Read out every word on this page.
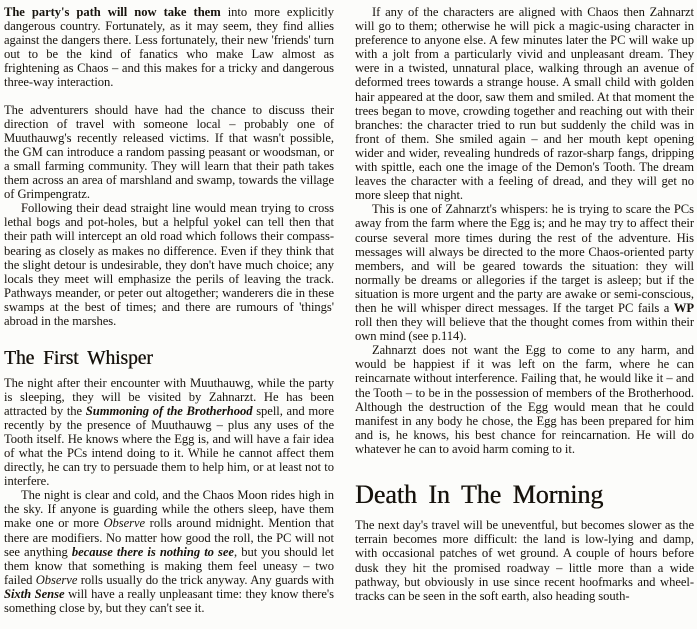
The party's path will now take them into more explicitly dangerous country. Fortunately, as it may seem, they find allies against the dangers there. Less fortunately, their new 'friends' turn out to be the kind of fanatics who make Law almost as frightening as Chaos – and this makes for a tricky and dangerous three-way interaction.

The adventurers should have had the chance to discuss their direction of travel with someone local – probably one of Muuthauwg's recently released victims. If that wasn't possible, the GM can introduce a random passing peasant or woodsman, or a small farming community. They will learn that their path takes them across an area of marshland and swamp, towards the village of Grimpengratz.

Following their dead straight line would mean trying to cross lethal bogs and pot-holes, but a helpful yokel can tell then that their path will intercept an old road which follows their compass-bearing as closely as makes no difference. Even if they think that the slight detour is undesirable, they don't have much choice; any locals they meet will emphasize the perils of leaving the track. Pathways meander, or peter out altogether; wanderers die in these swamps at the best of times; and there are rumours of 'things' abroad in the marshes.

The First Whisper

The night after their encounter with Muuthauwg, while the party is sleeping, they will be visited by Zahnarzt. He has been attracted by the Summoning of the Brotherhood spell, and more recently by the presence of Muuthauwg – plus any uses of the Tooth itself. He knows where the Egg is, and will have a fair idea of what the PCs intend doing to it. While he cannot affect them directly, he can try to persuade them to help him, or at least not to interfere.

The night is clear and cold, and the Chaos Moon rides high in the sky. If anyone is guarding while the others sleep, have them make one or more Observe rolls around midnight. Mention that there are modifiers. No matter how good the roll, the PC will not see anything because there is nothing to see, but you should let them know that something is making them feel uneasy – two failed Observe rolls usually do the trick anyway. Any guards with Sixth Sense will have a really unpleasant time: they know there's something close by, but they can't see it.

If any of the characters are aligned with Chaos then Zahnarzt will go to them; otherwise he will pick a magic-using character in preference to anyone else. A few minutes later the PC will wake up with a jolt from a particularly vivid and unpleasant dream. They were in a twisted, unnatural place, walking through an avenue of deformed trees towards a strange house. A small child with golden hair appeared at the door, saw them and smiled. At that moment the trees began to move, crowding together and reaching out with their branches: the character tried to run but suddenly the child was in front of them. She smiled again – and her mouth kept opening wider and wider, revealing hundreds of razor-sharp fangs, dripping with spittle, each one the image of the Demon's Tooth. The dream leaves the character with a feeling of dread, and they will get no more sleep that night.

This is one of Zahnarzt's whispers: he is trying to scare the PCs away from the farm where the Egg is; and he may try to affect their course several more times during the rest of the adventure. His messages will always be directed to the more Chaos-oriented party members, and will be geared towards the situation: they will normally be dreams or allegories if the target is asleep; but if the situation is more urgent and the party are awake or semi-conscious, then he will whisper direct messages. If the target PC fails a WP roll then they will believe that the thought comes from within their own mind (see p.114).

Zahnarzt does not want the Egg to come to any harm, and would be happiest if it was left on the farm, where he can reincarnate without interference. Failing that, he would like it – and the Tooth – to be in the possession of members of the Brotherhood. Although the destruction of the Egg would mean that he could manifest in any body he chose, the Egg has been prepared for him and is, he knows, his best chance for reincarnation. He will do whatever he can to avoid harm coming to it.

Death In The Morning

The next day's travel will be uneventful, but becomes slower as the terrain becomes more difficult: the land is low-lying and damp, with occasional patches of wet ground. A couple of hours before dusk they hit the promised roadway – little more than a wide pathway, but obviously in use since recent hoofmarks and wheel-tracks can be seen in the soft earth, also heading south-
